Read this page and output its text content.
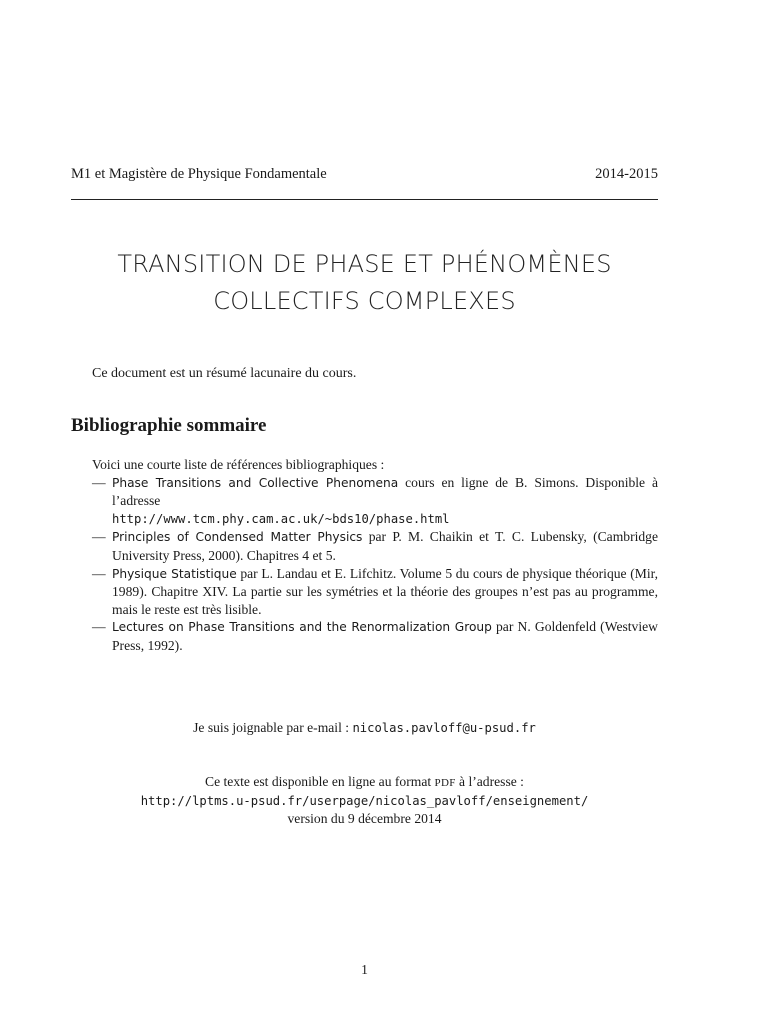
M1 et Magistère de Physique Fondamentale	2014-2015
TRANSITION DE PHASE ET PHÉNOMÈNES
COLLECTIFS COMPLEXES
Ce document est un résumé lacunaire du cours.
Bibliographie sommaire

Voici une courte liste de références bibliographiques :

— Phase Transitions and Collective Phenomena cours en ligne de B. Simons. Disponible à l’adresse
http://www.tcm.phy.cam.ac.uk/~bds10/phase.html
— Principles of Condensed Matter Physics par P. M. Chaikin et T. C. Lubensky, (Cambridge University Press, 2000). Chapitres 4 et 5.
— Physique Statistique par L. Landau et E. Lifchitz. Volume 5 du cours de physique théorique (Mir, 1989). Chapitre XIV. La partie sur les symétries et la théorie des groupes n’est pas au programme, mais le reste est très lisible.
— Lectures on Phase Transitions and the Renormalization Group par N. Goldenfeld (Westview Press, 1992).
Je suis joignable par e-mail : nicolas.pavloff@u-psud.fr
Ce texte est disponible en ligne au format PDF à l’adresse :
http://lptms.u-psud.fr/userpage/nicolas_pavloff/enseignement/
version du 9 décembre 2014
1
